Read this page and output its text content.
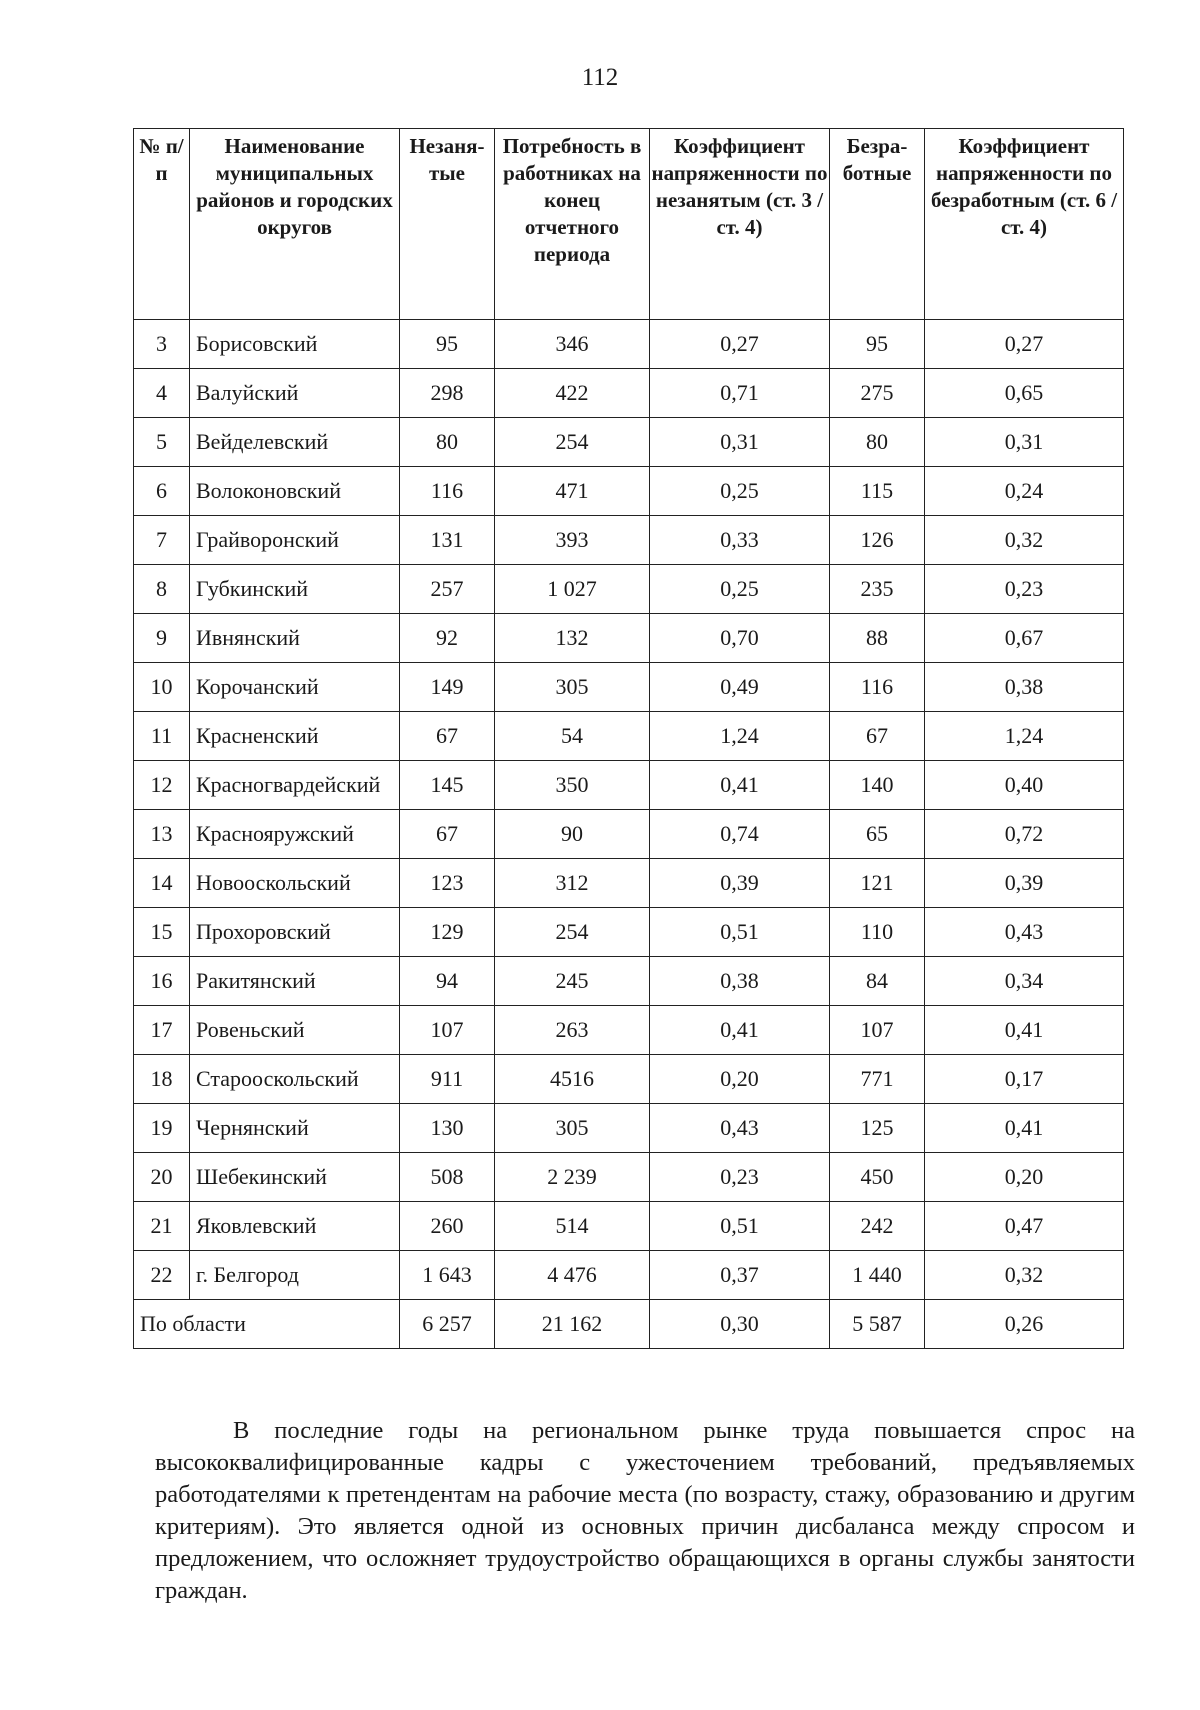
112
№ п/п	Наименование муниципальных районов и городских округов	Незаня-тые	Потребность в работниках на конец отчетного периода	Коэффициент напряженности по незанятым (ст. 3 / ст. 4)	Безра-ботные	Коэффициент напряженности по безработным (ст. 6 / ст. 4)
3	Борисовский	95	346	0,27	95	0,27
4	Валуйский	298	422	0,71	275	0,65
5	Вейделевский	80	254	0,31	80	0,31
6	Волоконовский	116	471	0,25	115	0,24
7	Грайворонский	131	393	0,33	126	0,32
8	Губкинский	257	1 027	0,25	235	0,23
9	Ивнянский	92	132	0,70	88	0,67
10	Корочанский	149	305	0,49	116	0,38
11	Красненский	67	54	1,24	67	1,24
12	Красногвардейский	145	350	0,41	140	0,40
13	Краснояружский	67	90	0,74	65	0,72
14	Новооскольский	123	312	0,39	121	0,39
15	Прохоровский	129	254	0,51	110	0,43
16	Ракитянский	94	245	0,38	84	0,34
17	Ровеньский	107	263	0,41	107	0,41
18	Старооскольский	911	4516	0,20	771	0,17
19	Чернянский	130	305	0,43	125	0,41
20	Шебекинский	508	2 239	0,23	450	0,20
21	Яковлевский	260	514	0,51	242	0,47
22	г. Белгород	1 643	4 476	0,37	1 440	0,32
По области		6 257	21 162	0,30	5 587	0,26

В последние годы на региональном рынке труда повышается спрос на высококвалифицированные кадры с ужесточением требований, предъявляемых работодателями к претендентам на рабочие места (по возрасту, стажу, образованию и другим критериям). Это является одной из основных причин дисбаланса между спросом и предложением, что осложняет трудоустройство обращающихся в органы службы занятости граждан.
